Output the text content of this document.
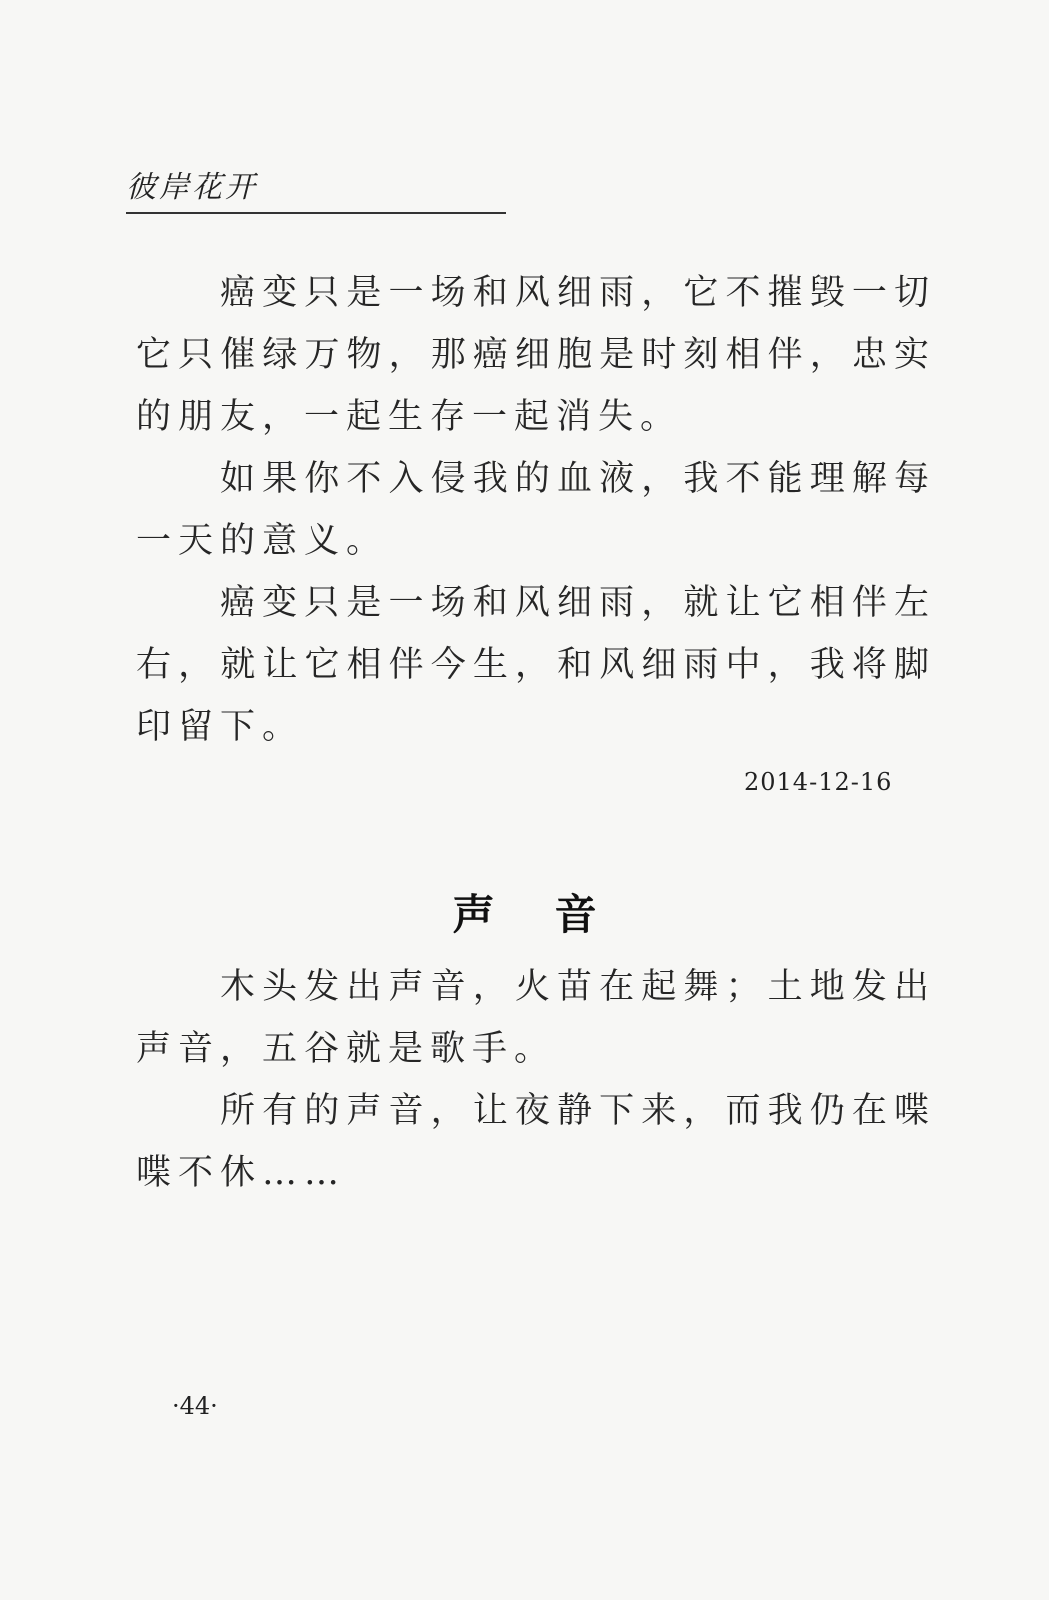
彼岸花开

癌变只是一场和风细雨，它不摧毁一切它只催绿万物，那癌细胞是时刻相伴，忠实的朋友，一起生存一起消失。

如果你不入侵我的血液，我不能理解每一天的意义。

癌变只是一场和风细雨，就让它相伴左右，就让它相伴今生，和风细雨中，我将脚印留下。

2014-12-16
声音

木头发出声音，火苗在起舞；土地发出声音，五谷就是歌手。

所有的声音，让夜静下来，而我仍在喋喋不休……

·44·
